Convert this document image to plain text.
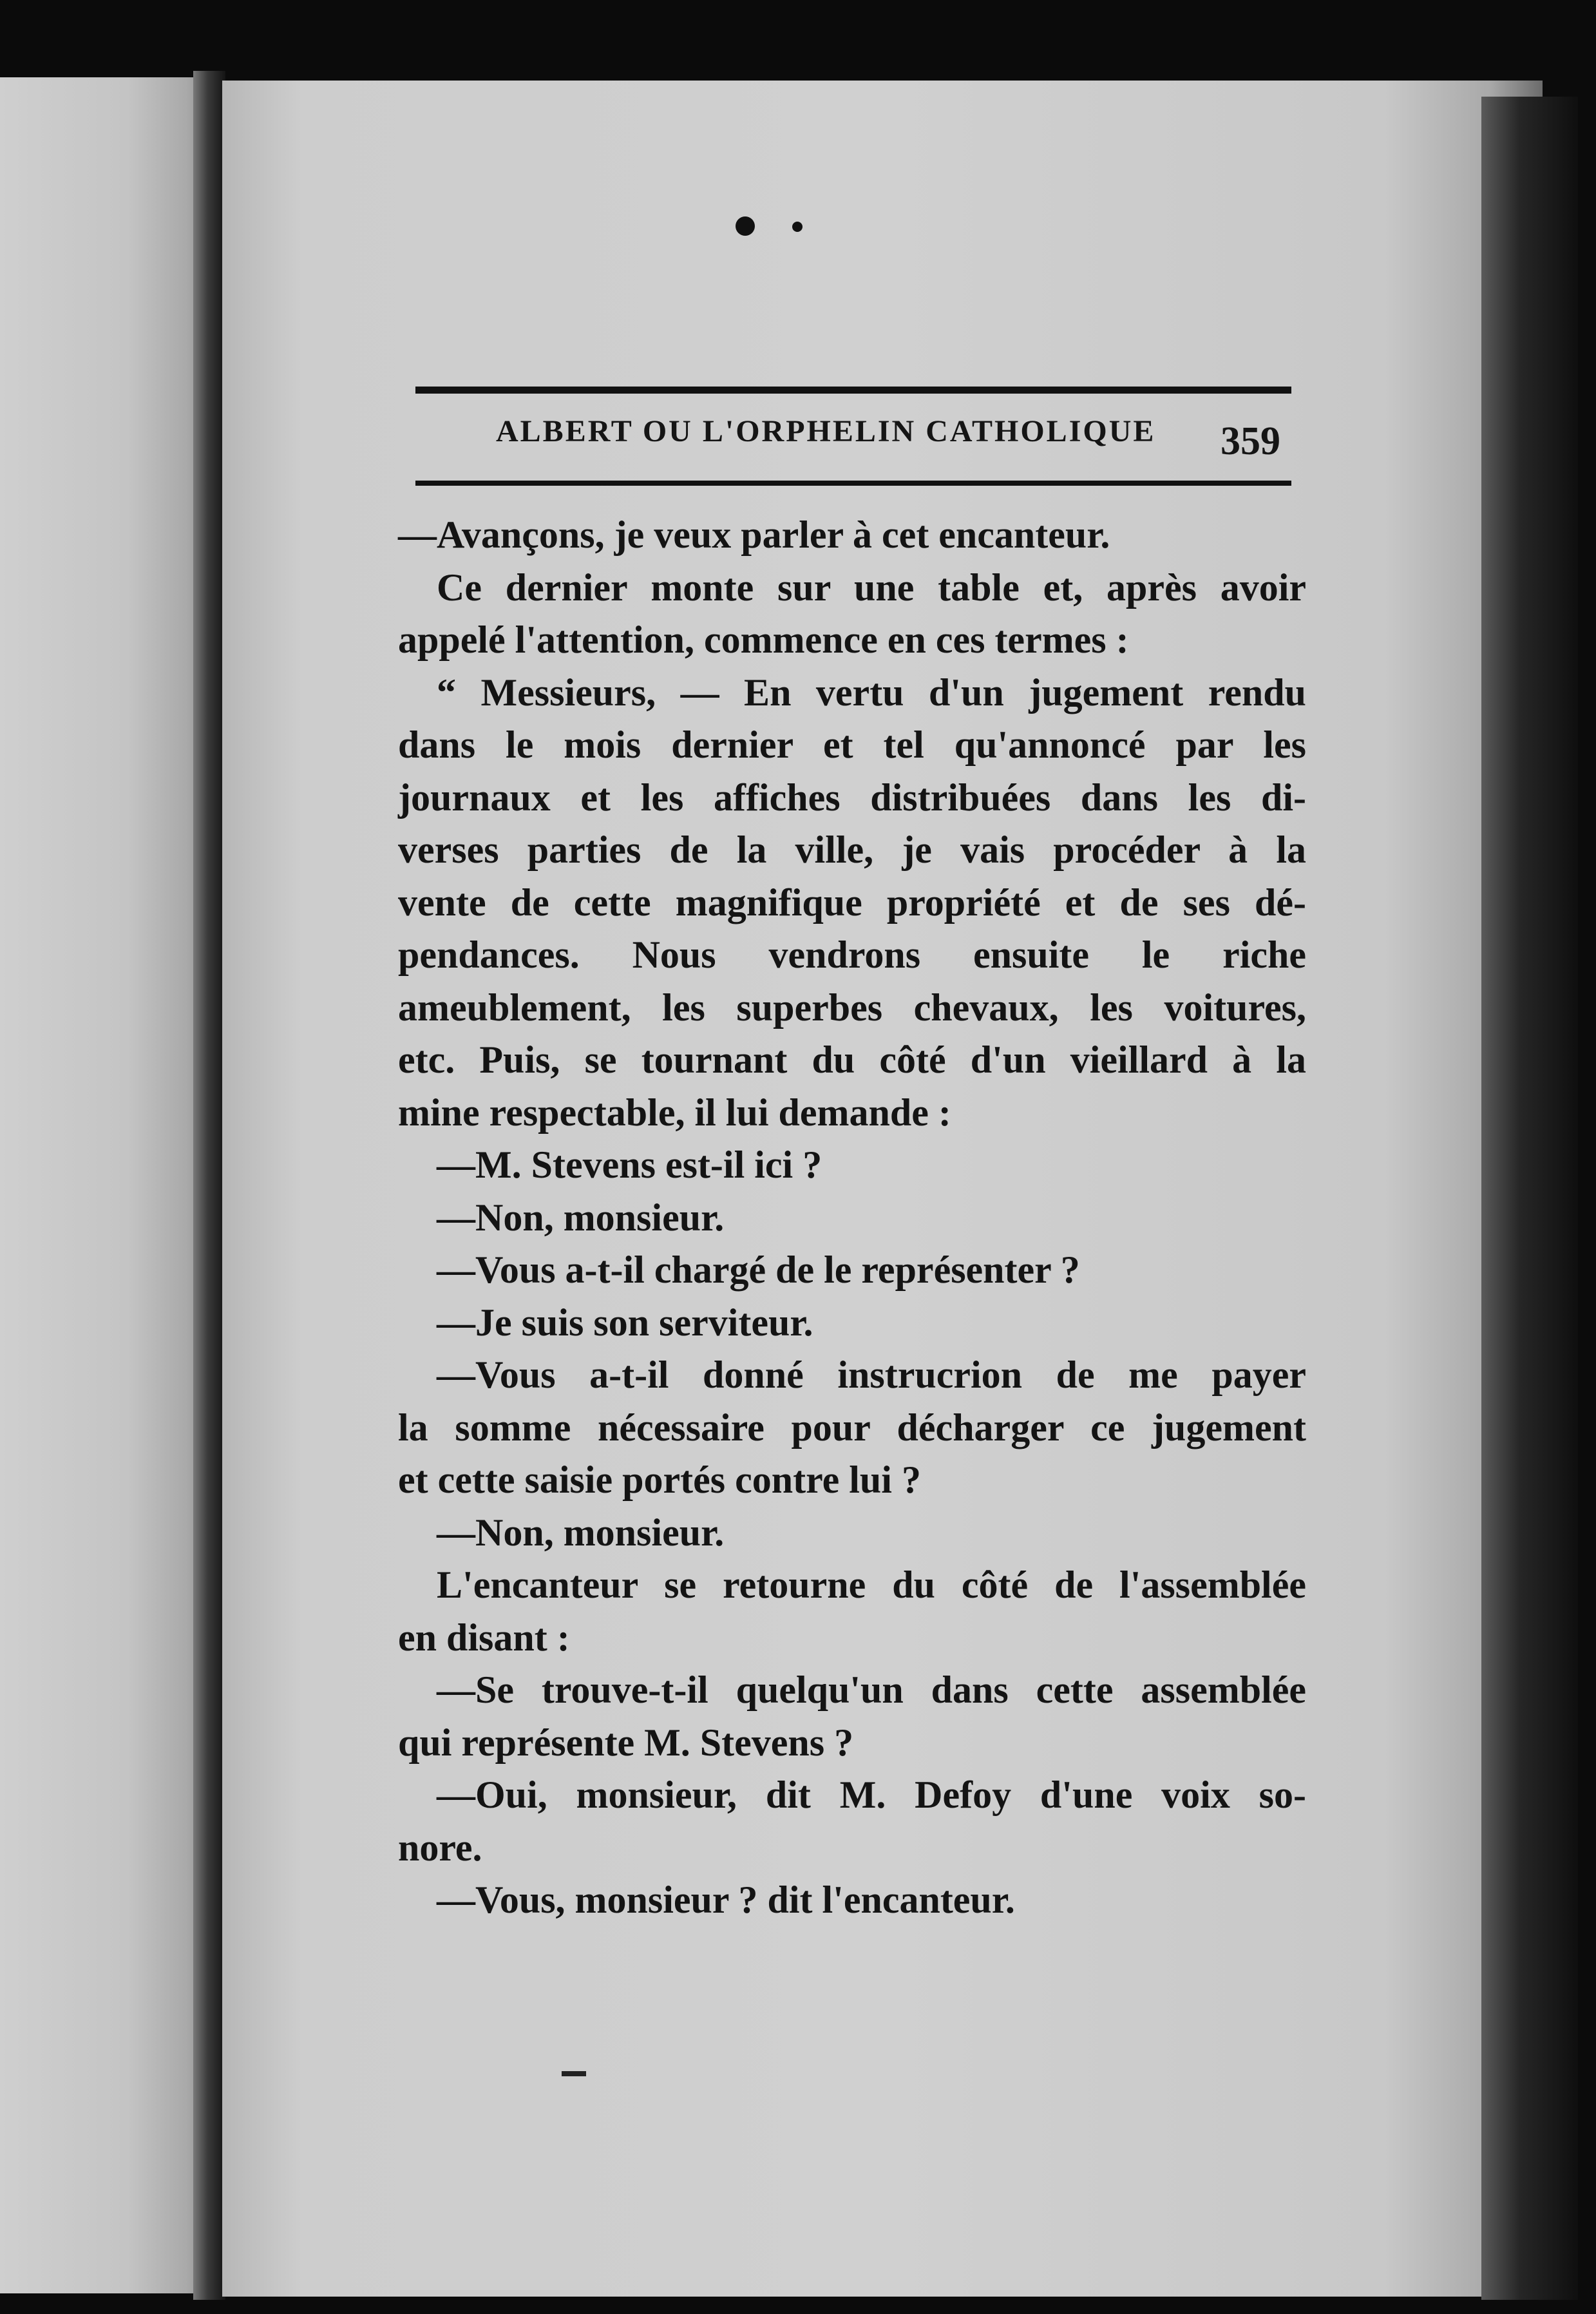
ALBERT OU L'ORPHELIN CATHOLIQUE 359
—Avançons, je veux parler à cet encanteur.
Ce dernier monte sur une table et, après avoir
appelé l'attention, commence en ces termes :
“ Messieurs, — En vertu d'un jugement rendu
dans le mois dernier et tel qu'annoncé par les
journaux et les affiches distribuées dans les di-
verses parties de la ville, je vais procéder à la
vente de cette magnifique propriété et de ses dé-
pendances. Nous vendrons ensuite le riche
ameublement, les superbes chevaux, les voitures,
etc. Puis, se tournant du côté d'un vieillard à la
mine respectable, il lui demande :
—M. Stevens est-il ici ?
—Non, monsieur.
—Vous a-t-il chargé de le représenter ?
—Je suis son serviteur.
—Vous a-t-il donné instrucrion de me payer
la somme nécessaire pour décharger ce jugement
et cette saisie portés contre lui ?
—Non, monsieur.
L'encanteur se retourne du côté de l'assemblée
en disant :
—Se trouve-t-il quelqu'un dans cette assemblée
qui représente M. Stevens ?
—Oui, monsieur, dit M. Defoy d'une voix so-
nore.
—Vous, monsieur ? dit l'encanteur.
